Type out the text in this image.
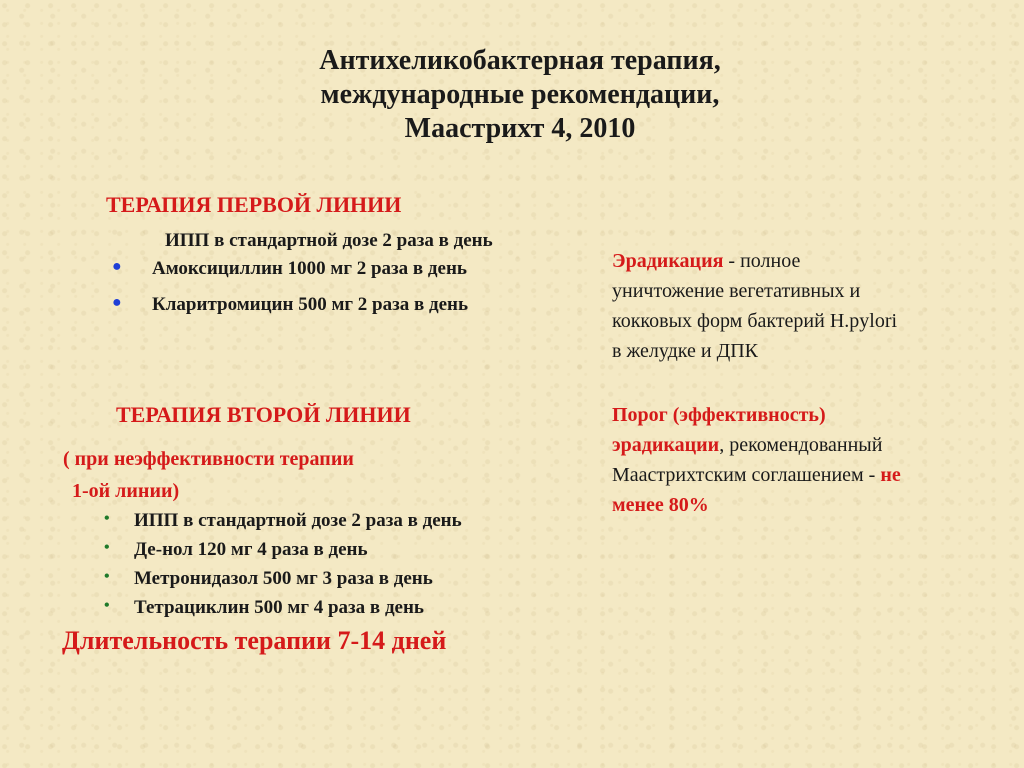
Антихеликобактерная терапия,
международные рекомендации,
Маастрихт 4, 2010
ТЕРАПИЯ ПЕРВОЙ ЛИНИИ
ИПП в стандартной дозе 2 раза в день
● Амоксициллин 1000 мг 2 раза в день
● Кларитромицин 500 мг 2 раза в день
ТЕРАПИЯ ВТОРОЙ ЛИНИИ
( при неэффективности терапии
1-ой линии)
• ИПП в стандартной дозе 2 раза в день
• Де-нол 120 мг 4 раза в день
• Метронидазол 500 мг 3 раза в день
• Тетрациклин 500 мг 4 раза в день
Длительность терапии 7-14 дней
Эрадикация - полное
уничтожение вегетативных и
кокковых форм бактерий H.pylori
в желудке и ДПК
Порог (эффективность)
эрадикации, рекомендованный
Маастрихтским соглашением - не
менее 80%
